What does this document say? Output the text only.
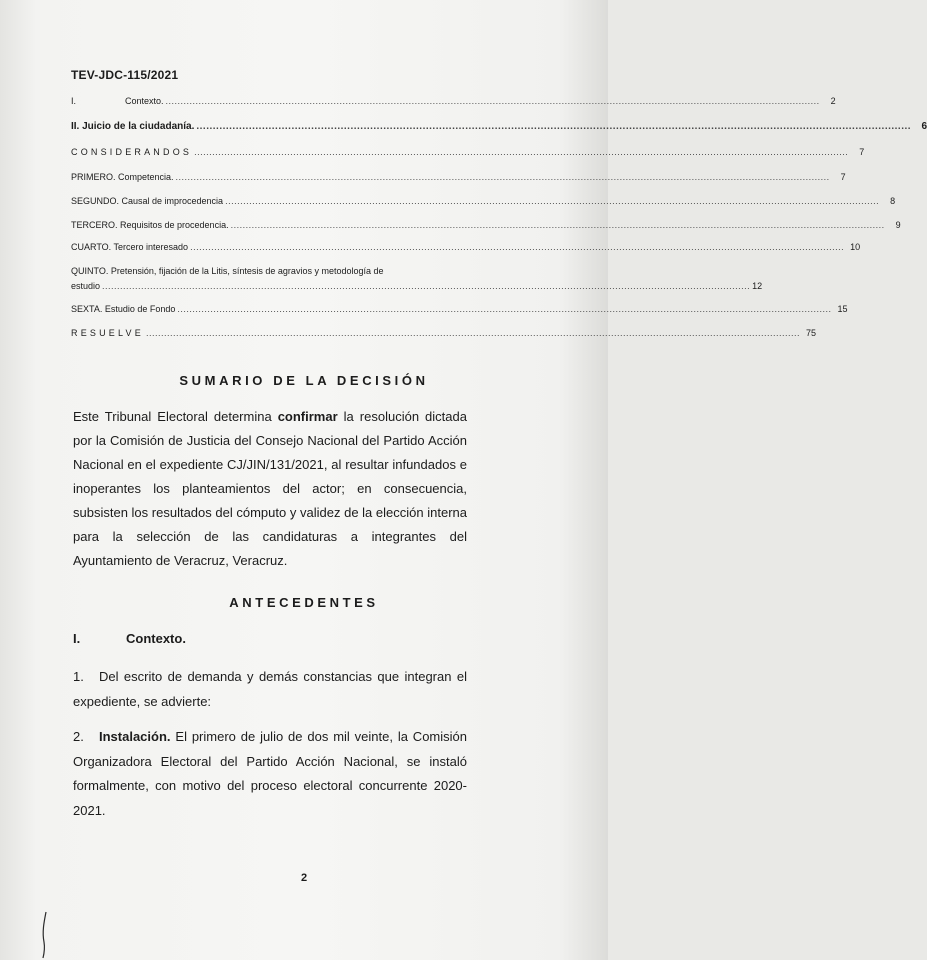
TEV-JDC-115/2021
I.	Contexto. .....	2
II. Juicio de la ciudadanía. .....	6
CONSIDERANDOS .....	7
PRIMERO. Competencia. .....	7
SEGUNDO. Causal de improcedencia .....	8
TERCERO. Requisitos de procedencia. .....	9
CUARTO. Tercero interesado .....	10
QUINTO. Pretensión, fijación de la Litis, síntesis de agravios y metodología de
estudio ........................................................................................................................................................................................................................ 12
SEXTA. Estudio de Fondo .....	15
RESUELVE .....	75
SUMARIO DE LA DECISIÓN
Este Tribunal Electoral determina confirmar la resolución dictada por la Comisión de Justicia del Consejo Nacional del Partido Acción Nacional en el expediente CJ/JIN/131/2021, al resultar infundados e inoperantes los planteamientos del actor; en consecuencia, subsisten los resultados del cómputo y validez de la elección interna para la selección de las candidaturas a integrantes del Ayuntamiento de Veracruz, Veracruz.
ANTECEDENTES
I.	Contexto.
1. Del escrito de demanda y demás constancias que integran el expediente, se advierte:
2. Instalación. El primero de julio de dos mil veinte, la Comisión Organizadora Electoral del Partido Acción Nacional, se instaló formalmente, con motivo del proceso electoral concurrente 2020-2021.
2
